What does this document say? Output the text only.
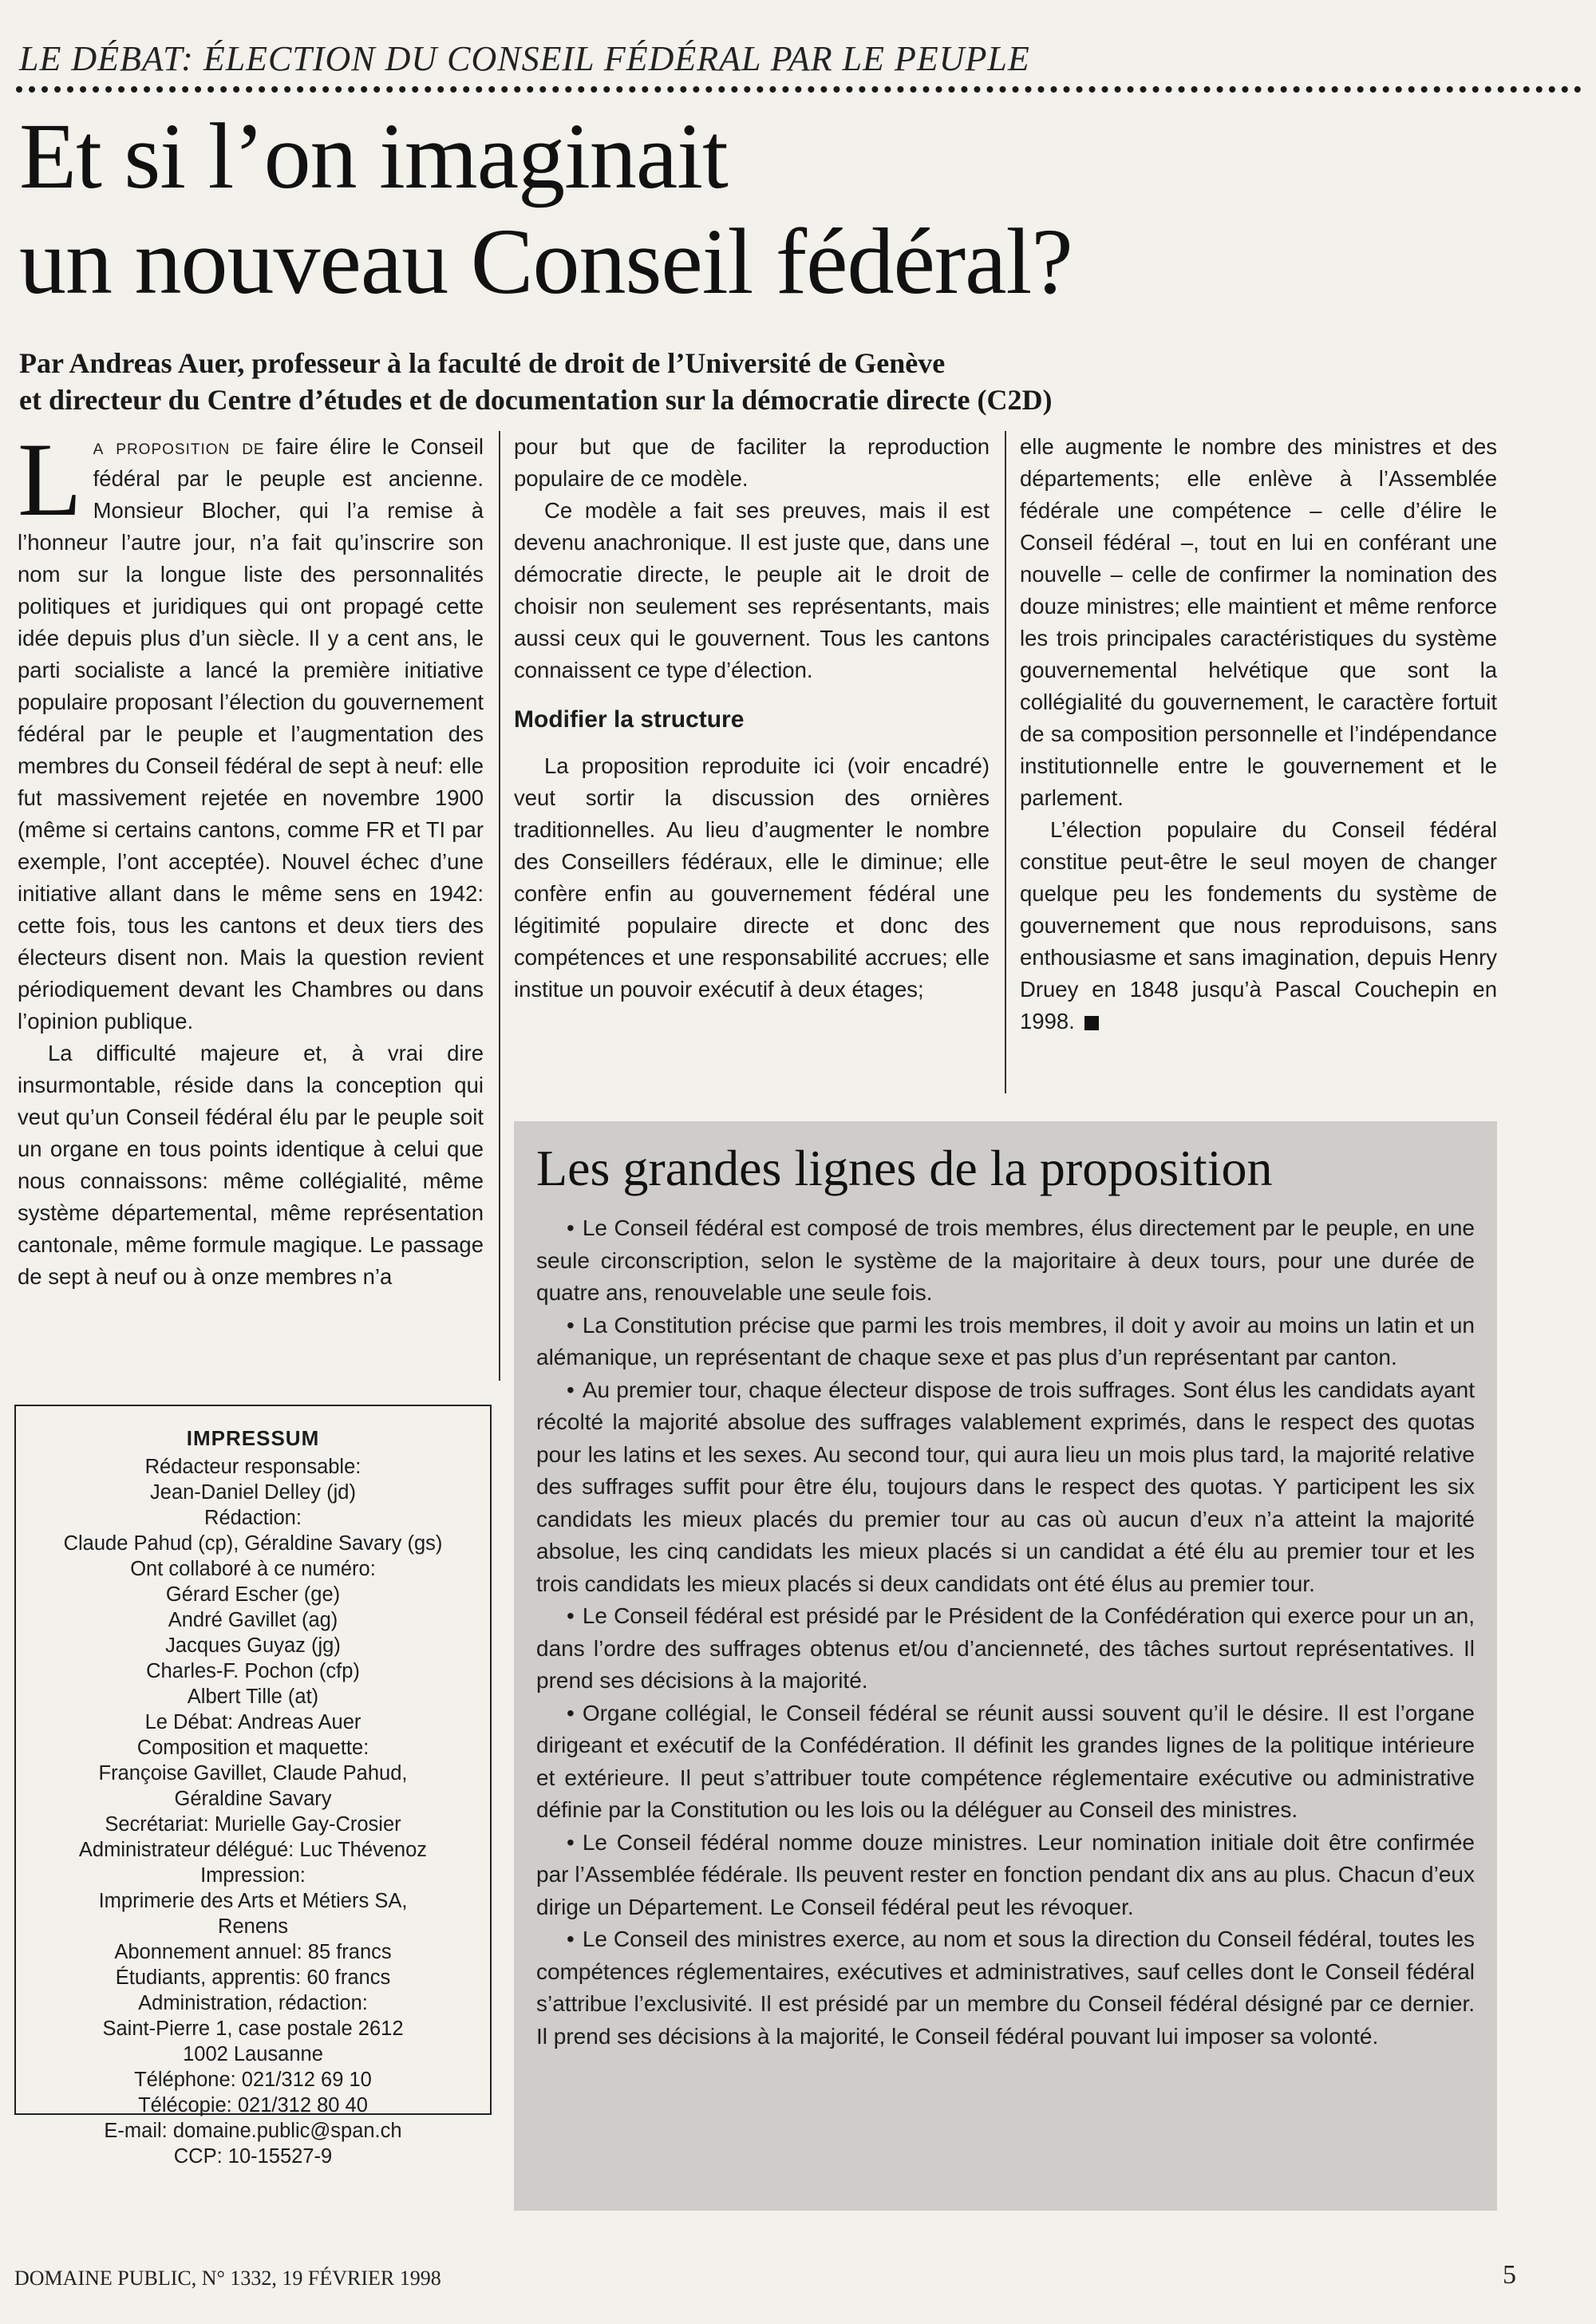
LE DÉBAT: ÉLECTION DU CONSEIL FÉDÉRAL PAR LE PEUPLE
Et si l’on imaginait
un nouveau Conseil fédéral?
Par Andreas Auer, professeur à la faculté de droit de l’Université de Genève
et directeur du Centre d’études et de documentation sur la démocratie directe (C2D)

La proposition de faire élire le Conseil fédéral par le peuple est ancienne. Monsieur Blocher, qui l’a remise à l’honneur l’autre jour, n’a fait qu’inscrire son nom sur la longue liste des personnalités politiques et juridiques qui ont propagé cette idée depuis plus d’un siècle. Il y a cent ans, le parti socialiste a lancé la première initiative populaire proposant l’élection du gouvernement fédéral par le peuple et l’augmentation des membres du Conseil fédéral de sept à neuf: elle fut massivement rejetée en novembre 1900 (même si certains cantons, comme FR et TI par exemple, l’ont acceptée). Nouvel échec d’une initiative allant dans le même sens en 1942: cette fois, tous les cantons et deux tiers des électeurs disent non. Mais la question revient périodiquement devant les Chambres ou dans l’opinion publique.

La difficulté majeure et, à vrai dire insurmontable, réside dans la conception qui veut qu’un Conseil fédéral élu par le peuple soit un organe en tous points identique à celui que nous connaissons: même collégialité, même système départemental, même représentation cantonale, même formule magique. Le passage de sept à neuf ou à onze membres n’a

pour but que de faciliter la reproduction populaire de ce modèle.

Ce modèle a fait ses preuves, mais il est devenu anachronique. Il est juste que, dans une démocratie directe, le peuple ait le droit de choisir non seulement ses représentants, mais aussi ceux qui le gouvernent. Tous les cantons connaissent ce type d’élection.

Modifier la structure

La proposition reproduite ici (voir encadré) veut sortir la discussion des ornières traditionnelles. Au lieu d’augmenter le nombre des Conseillers fédéraux, elle le diminue; elle confère enfin au gouvernement fédéral une légitimité populaire directe et donc des compétences et une responsabilité accrues; elle institue un pouvoir exécutif à deux étages;

elle augmente le nombre des ministres et des départements; elle enlève à l’Assemblée fédérale une compétence – celle d’élire le Conseil fédéral –, tout en lui en conférant une nouvelle – celle de confirmer la nomination des douze ministres; elle maintient et même renforce les trois principales caractéristiques du système gouvernemental helvétique que sont la collégialité du gouvernement, le caractère fortuit de sa composition personnelle et l’indépendance institutionnelle entre le gouvernement et le parlement.

L’élection populaire du Conseil fédéral constitue peut-être le seul moyen de changer quelque peu les fondements du système de gouvernement que nous reproduisons, sans enthousiasme et sans imagination, depuis Henry Druey en 1848 jusqu’à Pascal Couchepin en 1998.

Les grandes lignes de la proposition

• Le Conseil fédéral est composé de trois membres, élus directement par le peuple, en une seule circonscription, selon le système de la majoritaire à deux tours, pour une durée de quatre ans, renouvelable une seule fois.

• La Constitution précise que parmi les trois membres, il doit y avoir au moins un latin et un alémanique, un représentant de chaque sexe et pas plus d’un représentant par canton.

• Au premier tour, chaque électeur dispose de trois suffrages. Sont élus les candidats ayant récolté la majorité absolue des suffrages valablement exprimés, dans le respect des quotas pour les latins et les sexes. Au second tour, qui aura lieu un mois plus tard, la majorité relative des suffrages suffit pour être élu, toujours dans le respect des quotas. Y participent les six candidats les mieux placés du premier tour au cas où aucun d’eux n’a atteint la majorité absolue, les cinq candidats les mieux placés si un candidat a été élu au premier tour et les trois candidats les mieux placés si deux candidats ont été élus au premier tour.

• Le Conseil fédéral est présidé par le Président de la Confédération qui exerce pour un an, dans l’ordre des suffrages obtenus et/ou d’ancienneté, des tâches surtout représentatives. Il prend ses décisions à la majorité.

• Organe collégial, le Conseil fédéral se réunit aussi souvent qu’il le désire. Il est l’organe dirigeant et exécutif de la Confédération. Il définit les grandes lignes de la politique intérieure et extérieure. Il peut s’attribuer toute compétence réglementaire exécutive ou administrative définie par la Constitution ou les lois ou la déléguer au Conseil des ministres.

• Le Conseil fédéral nomme douze ministres. Leur nomination initiale doit être confirmée par l’Assemblée fédérale. Ils peuvent rester en fonction pendant dix ans au plus. Chacun d’eux dirige un Département. Le Conseil fédéral peut les révoquer.

• Le Conseil des ministres exerce, au nom et sous la direction du Conseil fédéral, toutes les compétences réglementaires, exécutives et administratives, sauf celles dont le Conseil fédéral s’attribue l’exclusivité. Il est présidé par un membre du Conseil fédéral désigné par ce dernier. Il prend ses décisions à la majorité, le Conseil fédéral pouvant lui imposer sa volonté.

IMPRESSUM
Rédacteur responsable:
Jean-Daniel Delley (jd)
Rédaction:
Claude Pahud (cp), Géraldine Savary (gs)
Ont collaboré à ce numéro:
Gérard Escher (ge)
André Gavillet (ag)
Jacques Guyaz (jg)
Charles-F. Pochon (cfp)
Albert Tille (at)
Le Débat: Andreas Auer
Composition et maquette:
Françoise Gavillet, Claude Pahud,
Géraldine Savary
Secrétariat: Murielle Gay-Crosier
Administrateur délégué: Luc Thévenoz
Impression:
Imprimerie des Arts et Métiers SA,
Renens
Abonnement annuel: 85 francs
Étudiants, apprentis: 60 francs
Administration, rédaction:
Saint-Pierre 1, case postale 2612
1002 Lausanne
Téléphone: 021/312 69 10
Télécopie: 021/312 80 40
E-mail: domaine.public@span.ch
CCP: 10-15527-9
DOMAINE PUBLIC, N° 1332, 19 FÉVRIER 1998	5
